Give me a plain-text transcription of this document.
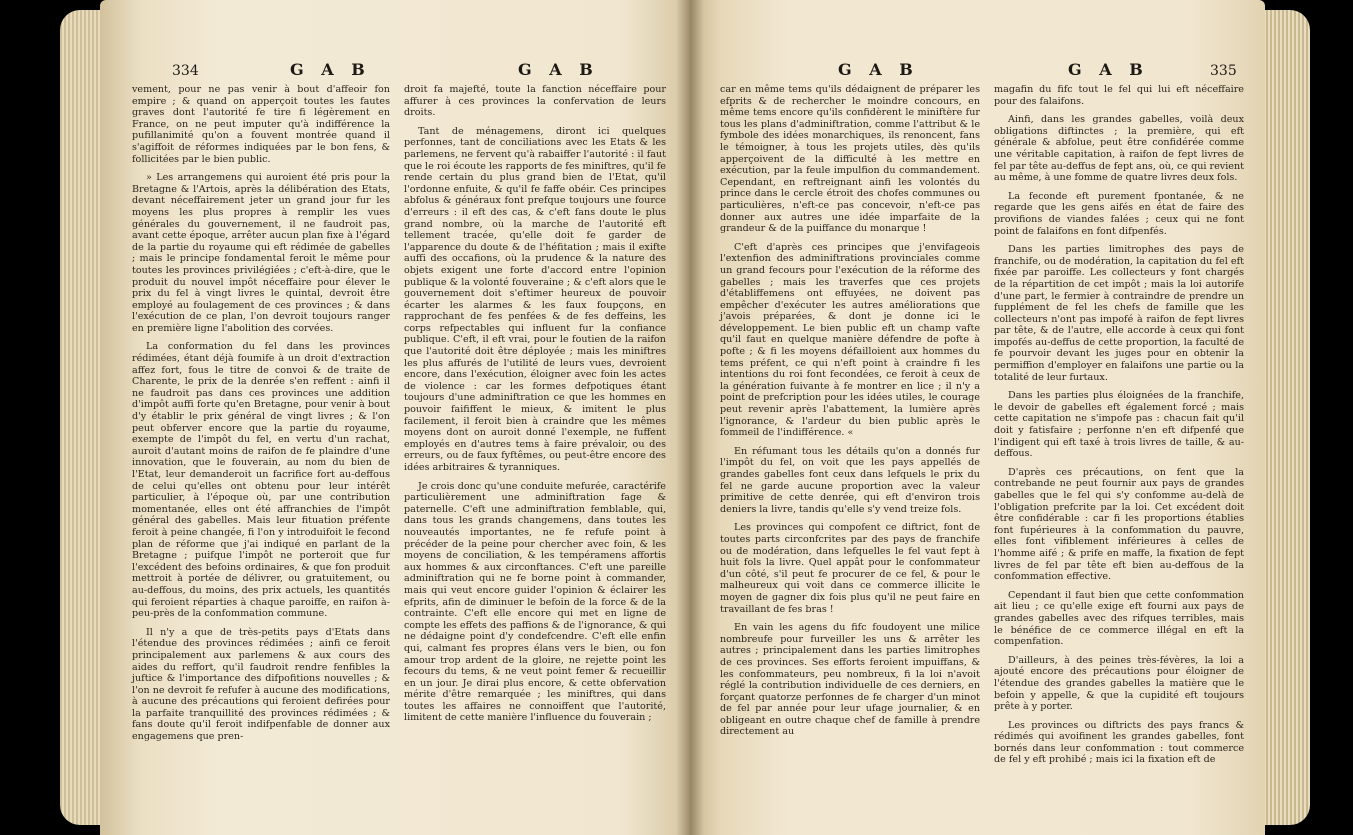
334	G A B	G A B

vement, pour ne pas venir à bout d'affeoir fon empire ; & quand on apperçoit toutes les fautes graves dont l'autorité fe tire fi légèrement en France, on ne peut imputer qu'à indifférence la pufillanimité qu'on a fouvent montrée quand il s'agiffoit de réformes indiquées par le bon fens, & follicitées par le bien public.

» Les arrangemens qui auroient été pris pour la Bretagne & l'Artois, après la délibération des Etats, devant néceffairement jeter un grand jour fur les moyens les plus propres à remplir les vues générales du gouvernement, il ne faudroit pas, avant cette époque, arrêter aucun plan fixe à l'égard de la partie du royaume qui eft rédimée de gabelles ; mais le principe fondamental feroit le même pour toutes les provinces privilégiées ; c'eft-à-dire, que le produit du nouvel impôt néceffaire pour élever le prix du fel à vingt livres le quintal, devroit être employé au foulagement de ces provinces ; & dans l'exécution de ce plan, l'on devroit toujours ranger en première ligne l'abolition des corvées.

La conformation du fel dans les provinces rédimées, étant déjà foumife à un droit d'extraction affez fort, fous le titre de convoi & de traite de Charente, le prix de la denrée s'en reffent : ainfi il ne faudroit pas dans ces provinces une addition d'impôt auffi forte qu'en Bretagne, pour venir à bout d'y établir le prix général de vingt livres ; & l'on peut obferver encore que la partie du royaume, exempte de l'impôt du fel, en vertu d'un rachat, auroit d'autant moins de raifon de fe plaindre d'une innovation, que le fouverain, au nom du bien de l'Etat, leur demanderoit un facrifice fort au-deffous de celui qu'elles ont obtenu pour leur intérêt particulier, à l'époque où, par une contribution momentanée, elles ont été affranchies de l'impôt général des gabelles. Mais leur fituation préfente feroit à peine changée, fi l'on y introduifoit le fecond plan de réforme que j'ai indiqué en parlant de la Bretagne ; puifque l'impôt ne porteroit que fur l'excédent des befoins ordinaires, & que fon produit mettroit à portée de délivrer, ou gratuitement, ou au-deffous, du moins, des prix actuels, les quantités qui feroient réparties à chaque paroiffe, en raifon à-peu-près de la confommation commune.

Il n'y a que de très-petits pays d'Etats dans l'étendue des provinces rédimées ; ainfi ce feroit principalement aux parlemens & aux cours des aides du reffort, qu'il faudroit rendre fenfibles la juftice & l'importance des difpofitions nouvelles ; & l'on ne devroit fe refufer à aucune des modifications, à aucune des précautions qui feroient defirées pour la parfaite tranquillité des provinces rédimées ; & fans doute qu'il feroit indifpenfable de donner aux engagemens que pren-

droit fa majefté, toute la fanction néceffaire pour affurer à ces provinces la confervation de leurs droits.

Tant de ménagemens, diront ici quelques perfonnes, tant de conciliations avec les Etats & les parlemens, ne fervent qu'à rabaiffer l'autorité : il faut que le roi écoute les rapports de fes miniftres, qu'il fe rende certain du plus grand bien de l'Etat, qu'il l'ordonne enfuite, & qu'il fe faffe obéir. Ces principes abfolus & généraux font prefque toujours une fource d'erreurs : il eft des cas, & c'eft fans doute le plus grand nombre, où la marche de l'autorité eft tellement tracée, qu'elle doit fe garder de l'apparence du doute & de l'héfitation ; mais il exifte auffi des occafions, où la prudence & la nature des objets exigent une forte d'accord entre l'opinion publique & la volonté fouveraine ; & c'eft alors que le gouvernement doit s'eftimer heureux de pouvoir écarter les alarmes & les faux foupçons, en rapprochant de fes penfées & de fes deffeins, les corps refpectables qui influent fur la confiance publique. C'eft, il eft vrai, pour le foutien de la raifon que l'autorité doit être déployée ; mais les miniftres les plus affurés de l'utilité de leurs vues, devroient encore, dans l'exécution, éloigner avec foin les actes de violence : car les formes defpotiques étant toujours d'une adminiftration ce que les hommes en pouvoir faififfent le mieux, & imitent le plus facilement, il feroit bien à craindre que les mêmes moyens dont on auroit donné l'exemple, ne fuffent employés en d'autres tems à faire prévaloir, ou des erreurs, ou de faux fyftêmes, ou peut-être encore des idées arbitraires & tyranniques.

Je crois donc qu'une conduite mefurée, caractérife particulièrement une adminiftration fage & paternelle. C'eft une adminiftration femblable, qui, dans tous les grands changemens, dans toutes les nouveautés importantes, ne fe refufe point à précéder de la peine pour chercher avec foin, & les moyens de conciliation, & les tempéramens affortis aux hommes & aux circonftances. C'eft une pareille adminiftration qui ne fe borne point à commander, mais qui veut encore guider l'opinion & éclairer les efprits, afin de diminuer le befoin de la force & de la contrainte. C'eft elle encore qui met en ligne de compte les effets des paffions & de l'ignorance, & qui ne dédaigne point d'y condefcendre. C'eft elle enfin qui, calmant fes propres élans vers le bien, ou fon amour trop ardent de la gloire, ne rejette point les fecours du tems, & ne veut point femer & recueillir en un jour. Je dirai plus encore, & cette obfervation mérite d'être remarquée ; les miniftres, qui dans toutes les affaires ne connoiffent que l'autorité, limitent de cette manière l'influence du fouverain ;

G A B	G A B	335

car en même tems qu'ils dédaignent de préparer les efprits & de rechercher le moindre concours, en même tems encore qu'ils confidèrent le miniftère fur tous les plans d'adminiftration, comme l'attribut & le fymbole des idées monarchiques, ils renoncent, fans le témoigner, à tous les projets utiles, dès qu'ils apperçoivent de la difficulté à les mettre en exécution, par la feule impulfion du commandement. Cependant, en reftreignant ainfi les volontés du prince dans le cercle étroit des chofes communes ou particulières, n'eft-ce pas concevoir, n'eft-ce pas donner aux autres une idée imparfaite de la grandeur & de la puiffance du monarque !

C'eft d'après ces principes que j'envifageois l'extenfion des adminiftrations provinciales comme un grand fecours pour l'exécution de la réforme des gabelles ; mais les traverfes que ces projets d'établiffemens ont effuyées, ne doivent pas empêcher d'exécuter les autres améliorations que j'avois préparées, & dont je donne ici le développement. Le bien public eft un champ vafte qu'il faut en quelque manière défendre de pofte à pofte ; & fi les moyens défailloient aux hommes du tems préfent, ce qui n'eft point à craindre fi les intentions du roi font fecondées, ce feroit à ceux de la génération fuivante à fe montrer en lice ; il n'y a point de prefcription pour les idées utiles, le courage peut revenir après l'abattement, la lumière après l'ignorance, & l'ardeur du bien public après le fommeil de l'indifférence. «

En réfumant tous les détails qu'on a donnés fur l'impôt du fel, on voit que les pays appellés de grandes gabelles font ceux dans lefquels le prix du fel ne garde aucune proportion avec la valeur primitive de cette denrée, qui eft d'environ trois deniers la livre, tandis qu'elle s'y vend treize fols.

Les provinces qui compofent ce diftrict, font de toutes parts circonfcrites par des pays de franchife ou de modération, dans lefquelles le fel vaut fept à huit fols la livre. Quel appât pour le confommateur d'un côté, s'il peut fe procurer de ce fel, & pour le malheureux qui voit dans ce commerce illicite le moyen de gagner dix fois plus qu'il ne peut faire en travaillant de fes bras !

En vain les agens du fifc foudoyent une milice nombreufe pour furveiller les uns & arrêter les autres ; principalement dans les parties limitrophes de ces provinces. Ses efforts feroient impuiffans, & les confommateurs, peu nombreux, fi la loi n'avoit réglé la contribution individuelle de ces derniers, en forçant quatorze perfonnes de fe charger d'un minot de fel par année pour leur ufage journalier, & en obligeant en outre chaque chef de famille à prendre directement au

magafin du fifc tout le fel qui lui eft néceffaire pour des falaifons.

Ainfi, dans les grandes gabelles, voilà deux obligations diftinctes ; la première, qui eft générale & abfolue, peut être confidérée comme une véritable capitation, à raifon de fept livres de fel par tête au-deffus de fept ans, où, ce qui revient au même, à une fomme de quatre livres deux fols.

La feconde eft purement fpontanée, & ne regarde que les gens aifés en état de faire des provifions de viandes falées ; ceux qui ne font point de falaifons en font difpenfés.

Dans les parties limitrophes des pays de franchife, ou de modération, la capitation du fel eft fixée par paroiffe. Les collecteurs y font chargés de la répartition de cet impôt ; mais la loi autorife d'une part, le fermier à contraindre de prendre un fupplément de fel les chefs de famille que les collecteurs n'ont pas impofé à raifon de fept livres par tête, & de l'autre, elle accorde à ceux qui font impofés au-deffus de cette proportion, la faculté de fe pourvoir devant les juges pour en obtenir la permiffion d'employer en falaifons une partie ou la totalité de leur furtaux.

Dans les parties plus éloignées de la franchife, le devoir de gabelles eft également forcé ; mais cette capitation ne s'impofe pas : chacun fait qu'il doit y fatisfaire ; perfonne n'en eft difpenfé que l'indigent qui eft taxé à trois livres de taille, & au-deffous.

D'après ces précautions, on fent que la contrebande ne peut fournir aux pays de grandes gabelles que le fel qui s'y confomme au-delà de l'obligation prefcrite par la loi. Cet excédent doit être confidérable : car fi les proportions établies font fupérieures à la confommation du pauvre, elles font vifiblement inférieures à celles de l'homme aifé ; & prife en maffe, la fixation de fept livres de fel par tête eft bien au-deffous de la confommation effective.

Cependant il faut bien que cette confommation ait lieu ; ce qu'elle exige eft fourni aux pays de grandes gabelles avec des rifques terribles, mais le bénéfice de ce commerce illégal en eft la compenfation.

D'ailleurs, à des peines très-févères, la loi a ajouté encore des précautions pour éloigner de l'étendue des grandes gabelles la matière que le befoin y appelle, & que la cupidité eft toujours prête à y porter.

Les provinces ou diftricts des pays francs & rédimés qui avoifinent les grandes gabelles, font bornés dans leur confommation : tout commerce de fel y eft prohibé ; mais ici la fixation eft de
